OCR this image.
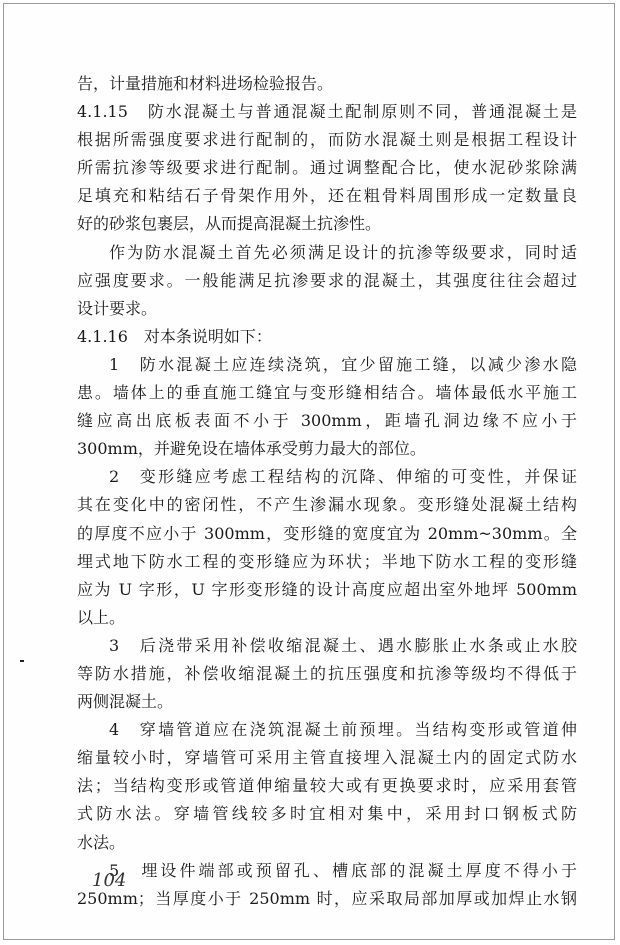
告，计量措施和材料进场检验报告。
4.1.15　防水混凝土与普通混凝土配制原则不同，普通混凝土是
根据所需强度要求进行配制的，而防水混凝土则是根据工程设计
所需抗渗等级要求进行配制。通过调整配合比，使水泥砂浆除满
足填充和粘结石子骨架作用外，还在粗骨料周围形成一定数量良
好的砂浆包裹层，从而提高混凝土抗渗性。
作为防水混凝土首先必须满足设计的抗渗等级要求，同时适
应强度要求。一般能满足抗渗要求的混凝土，其强度往往会超过
设计要求。
4.1.16　对本条说明如下：
1　防水混凝土应连续浇筑，宜少留施工缝，以减少渗水隐
患。墙体上的垂直施工缝宜与变形缝相结合。墙体最低水平施工
缝应高出底板表面不小于 300mm，距墙孔洞边缘不应小于
300mm，并避免设在墙体承受剪力最大的部位。
2　变形缝应考虑工程结构的沉降、伸缩的可变性，并保证
其在变化中的密闭性，不产生渗漏水现象。变形缝处混凝土结构
的厚度不应小于 300mm，变形缝的宽度宜为 20mm~30mm。全
埋式地下防水工程的变形缝应为环状；半地下防水工程的变形缝
应为 U 字形，U 字形变形缝的设计高度应超出室外地坪 500mm
以上。
3　后浇带采用补偿收缩混凝土、遇水膨胀止水条或止水胶
等防水措施，补偿收缩混凝土的抗压强度和抗渗等级均不得低于
两侧混凝土。
4　穿墙管道应在浇筑混凝土前预埋。当结构变形或管道伸
缩量较小时，穿墙管可采用主管直接埋入混凝土内的固定式防水
法；当结构变形或管道伸缩量较大或有更换要求时，应采用套管
式防水法。穿墙管线较多时宜相对集中，采用封口钢板式防
水法。
5　埋设件端部或预留孔、槽底部的混凝土厚度不得小于
250mm；当厚度小于 250mm 时，应采取局部加厚或加焊止水钢
104
